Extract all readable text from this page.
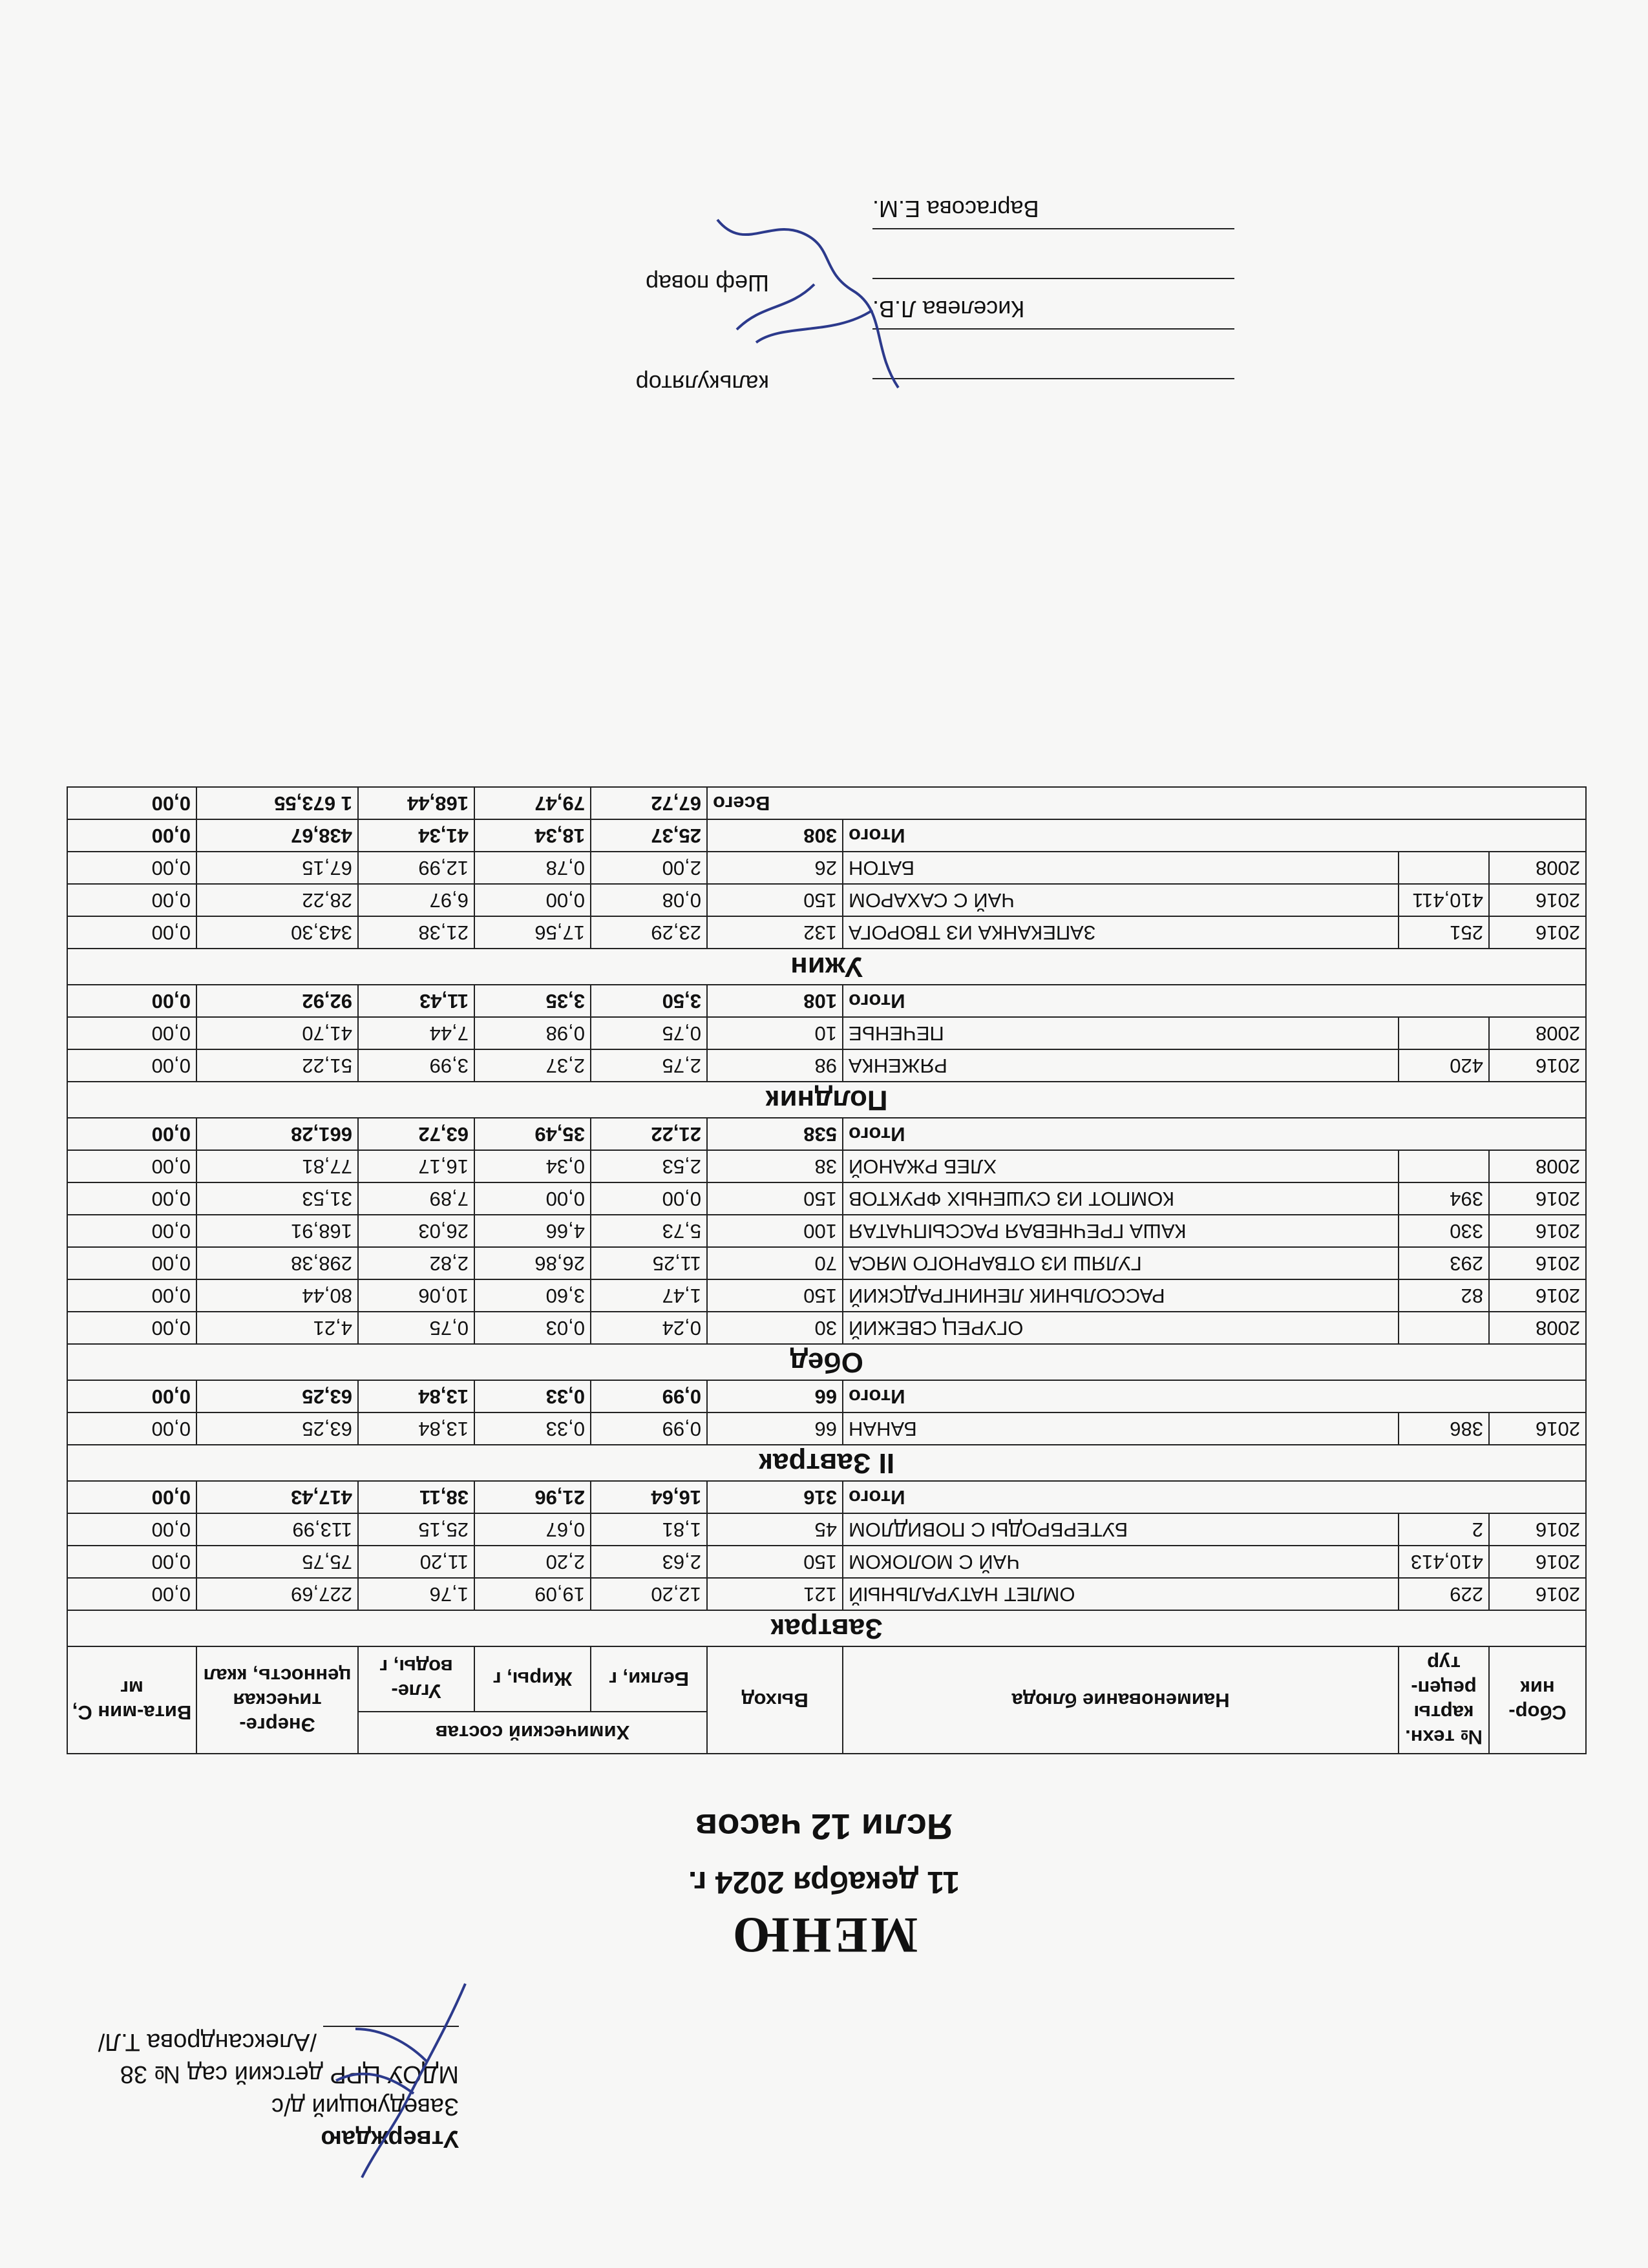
Утверждаю
Заведующий д/с
МДОУ ЦРР детский сад № 38
/Александрова Т.Л/
МЕНЮ
11 декабря 2024 г.
Ясли 12 часов
Сбор-ник	№ техн. карты рецеп-тур	Наименование блюда	Выход	Химический состав			Энерге-тическая ценность, ккал	Вита-мин С, мг
				Белки, г	Жиры, г	Угле-воды, г		
Завтрак								
2016	229	ОМЛЕТ НАТУРАЛЬНЫЙ	121	12,20	19,09	1,76	227,69	0,00
2016	410,413	ЧАЙ С МОЛОКОМ	150	2,63	2,20	11,20	75,75	0,00
2016	2	БУТЕРБРОДЫ С ПОВИДЛОМ	45	1,81	0,67	25,15	113,99	0,00
Итого			316	16,64	21,96	38,11	417,43	0,00
II Завтрак								
2016	386	БАНАН	66	0,99	0,33	13,84	63,25	0,00
Итого			66	0,99	0,33	13,84	63,25	0,00
Обед								
2008		ОГУРЕЦ СВЕЖИЙ	30	0,24	0,03	0,75	4,21	0,00
2016	82	РАССОЛЬНИК ЛЕНИНГРАДСКИЙ	150	1,47	3,60	10,06	80,44	0,00
2016	293	ГУЛЯШ ИЗ ОТВАРНОГО МЯСА	70	11,25	26,86	2,82	298,38	0,00
2016	330	КАША ГРЕЧНЕВАЯ РАССЫПЧАТАЯ	100	5,73	4,66	26,03	168,91	0,00
2016	394	КОМПОТ ИЗ СУШЕНЫХ ФРУКТОВ	150	0,00	0,00	7,89	31,53	0,00
2008		ХЛЕБ РЖАНОЙ	38	2,53	0,34	16,17	77,81	0,00
Итого			538	21,22	35,49	63,72	661,28	0,00
Полдник								
2016	420	РЯЖЕНКА	98	2,75	2,37	3,99	51,22	0,00
2008		ПЕЧЕНЬЕ	10	0,75	0,98	7,44	41,70	0,00
Итого			108	3,50	3,35	11,43	92,92	0,00
Ужин								
2016	251	ЗАПЕКАНКА ИЗ ТВОРОГА	132	23,29	17,56	21,38	343,30	0,00
2016	410,411	ЧАЙ С САХАРОМ	150	0,08	0,00	6,97	28,22	0,00
2008		БАТОН	26	2,00	0,78	12,99	67,15	0,00
Итого			308	25,37	18,34	41,34	438,67	0,00
Всего				67,72	79,47	168,44	1 673,55	0,00
калькулятор
Киселева Л.В.
Шеф повар
Варгасова Е.М.
